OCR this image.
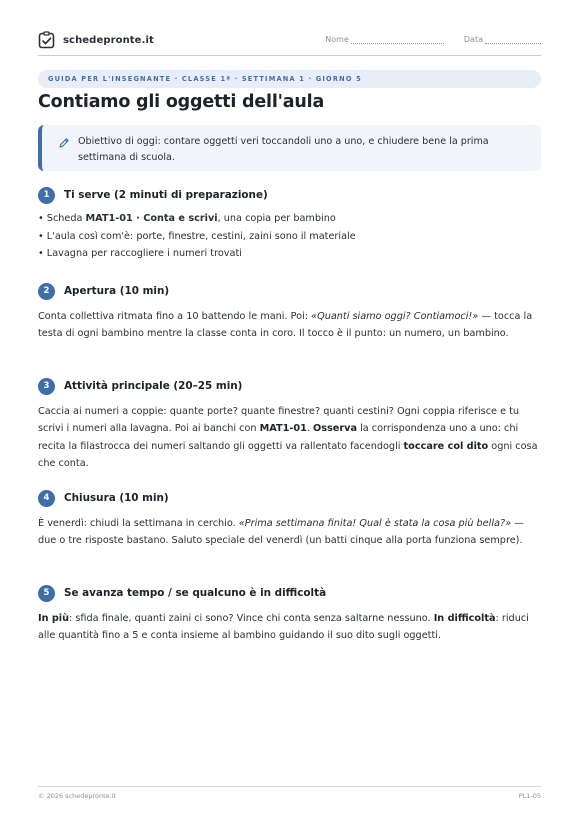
schedepronte.it	Nome	Data
GUIDA PER L'INSEGNANTE · CLASSE 1ª · SETTIMANA 1 · GIORNO 5
Contiamo gli oggetti dell'aula
Obiettivo di oggi: contare oggetti veri toccandoli uno a uno, e chiudere bene la prima settimana di scuola.
1	Ti serve (2 minuti di preparazione)
• Scheda MAT1-01 · Conta e scrivi, una copia per bambino
• L'aula così com'è: porte, finestre, cestini, zaini sono il materiale
• Lavagna per raccogliere i numeri trovati
2	Apertura (10 min)

Conta collettiva ritmata fino a 10 battendo le mani. Poi: «Quanti siamo oggi? Contiamoci!» — tocca la testa di ogni bambino mentre la classe conta in coro. Il tocco è il punto: un numero, un bambino.

3	Attività principale (20–25 min)

Caccia ai numeri a coppie: quante porte? quante finestre? quanti cestini? Ogni coppia riferisce e tu scrivi i numeri alla lavagna. Poi ai banchi con MAT1-01. Osserva la corrispondenza uno a uno: chi recita la filastrocca dei numeri saltando gli oggetti va rallentato facendogli toccare col dito ogni cosa che conta.

4	Chiusura (10 min)

È venerdì: chiudi la settimana in cerchio. «Prima settimana finita! Qual è stata la cosa più bella?» — due o tre risposte bastano. Saluto speciale del venerdì (un batti cinque alla porta funziona sempre).

5	Se avanza tempo / se qualcuno è in difficoltà

In più: sfida finale, quanti zaini ci sono? Vince chi conta senza saltarne nessuno. In difficoltà: riduci alle quantità fino a 5 e conta insieme al bambino guidando il suo dito sugli oggetti.

© 2026 schedepronte.it	PL1-05
